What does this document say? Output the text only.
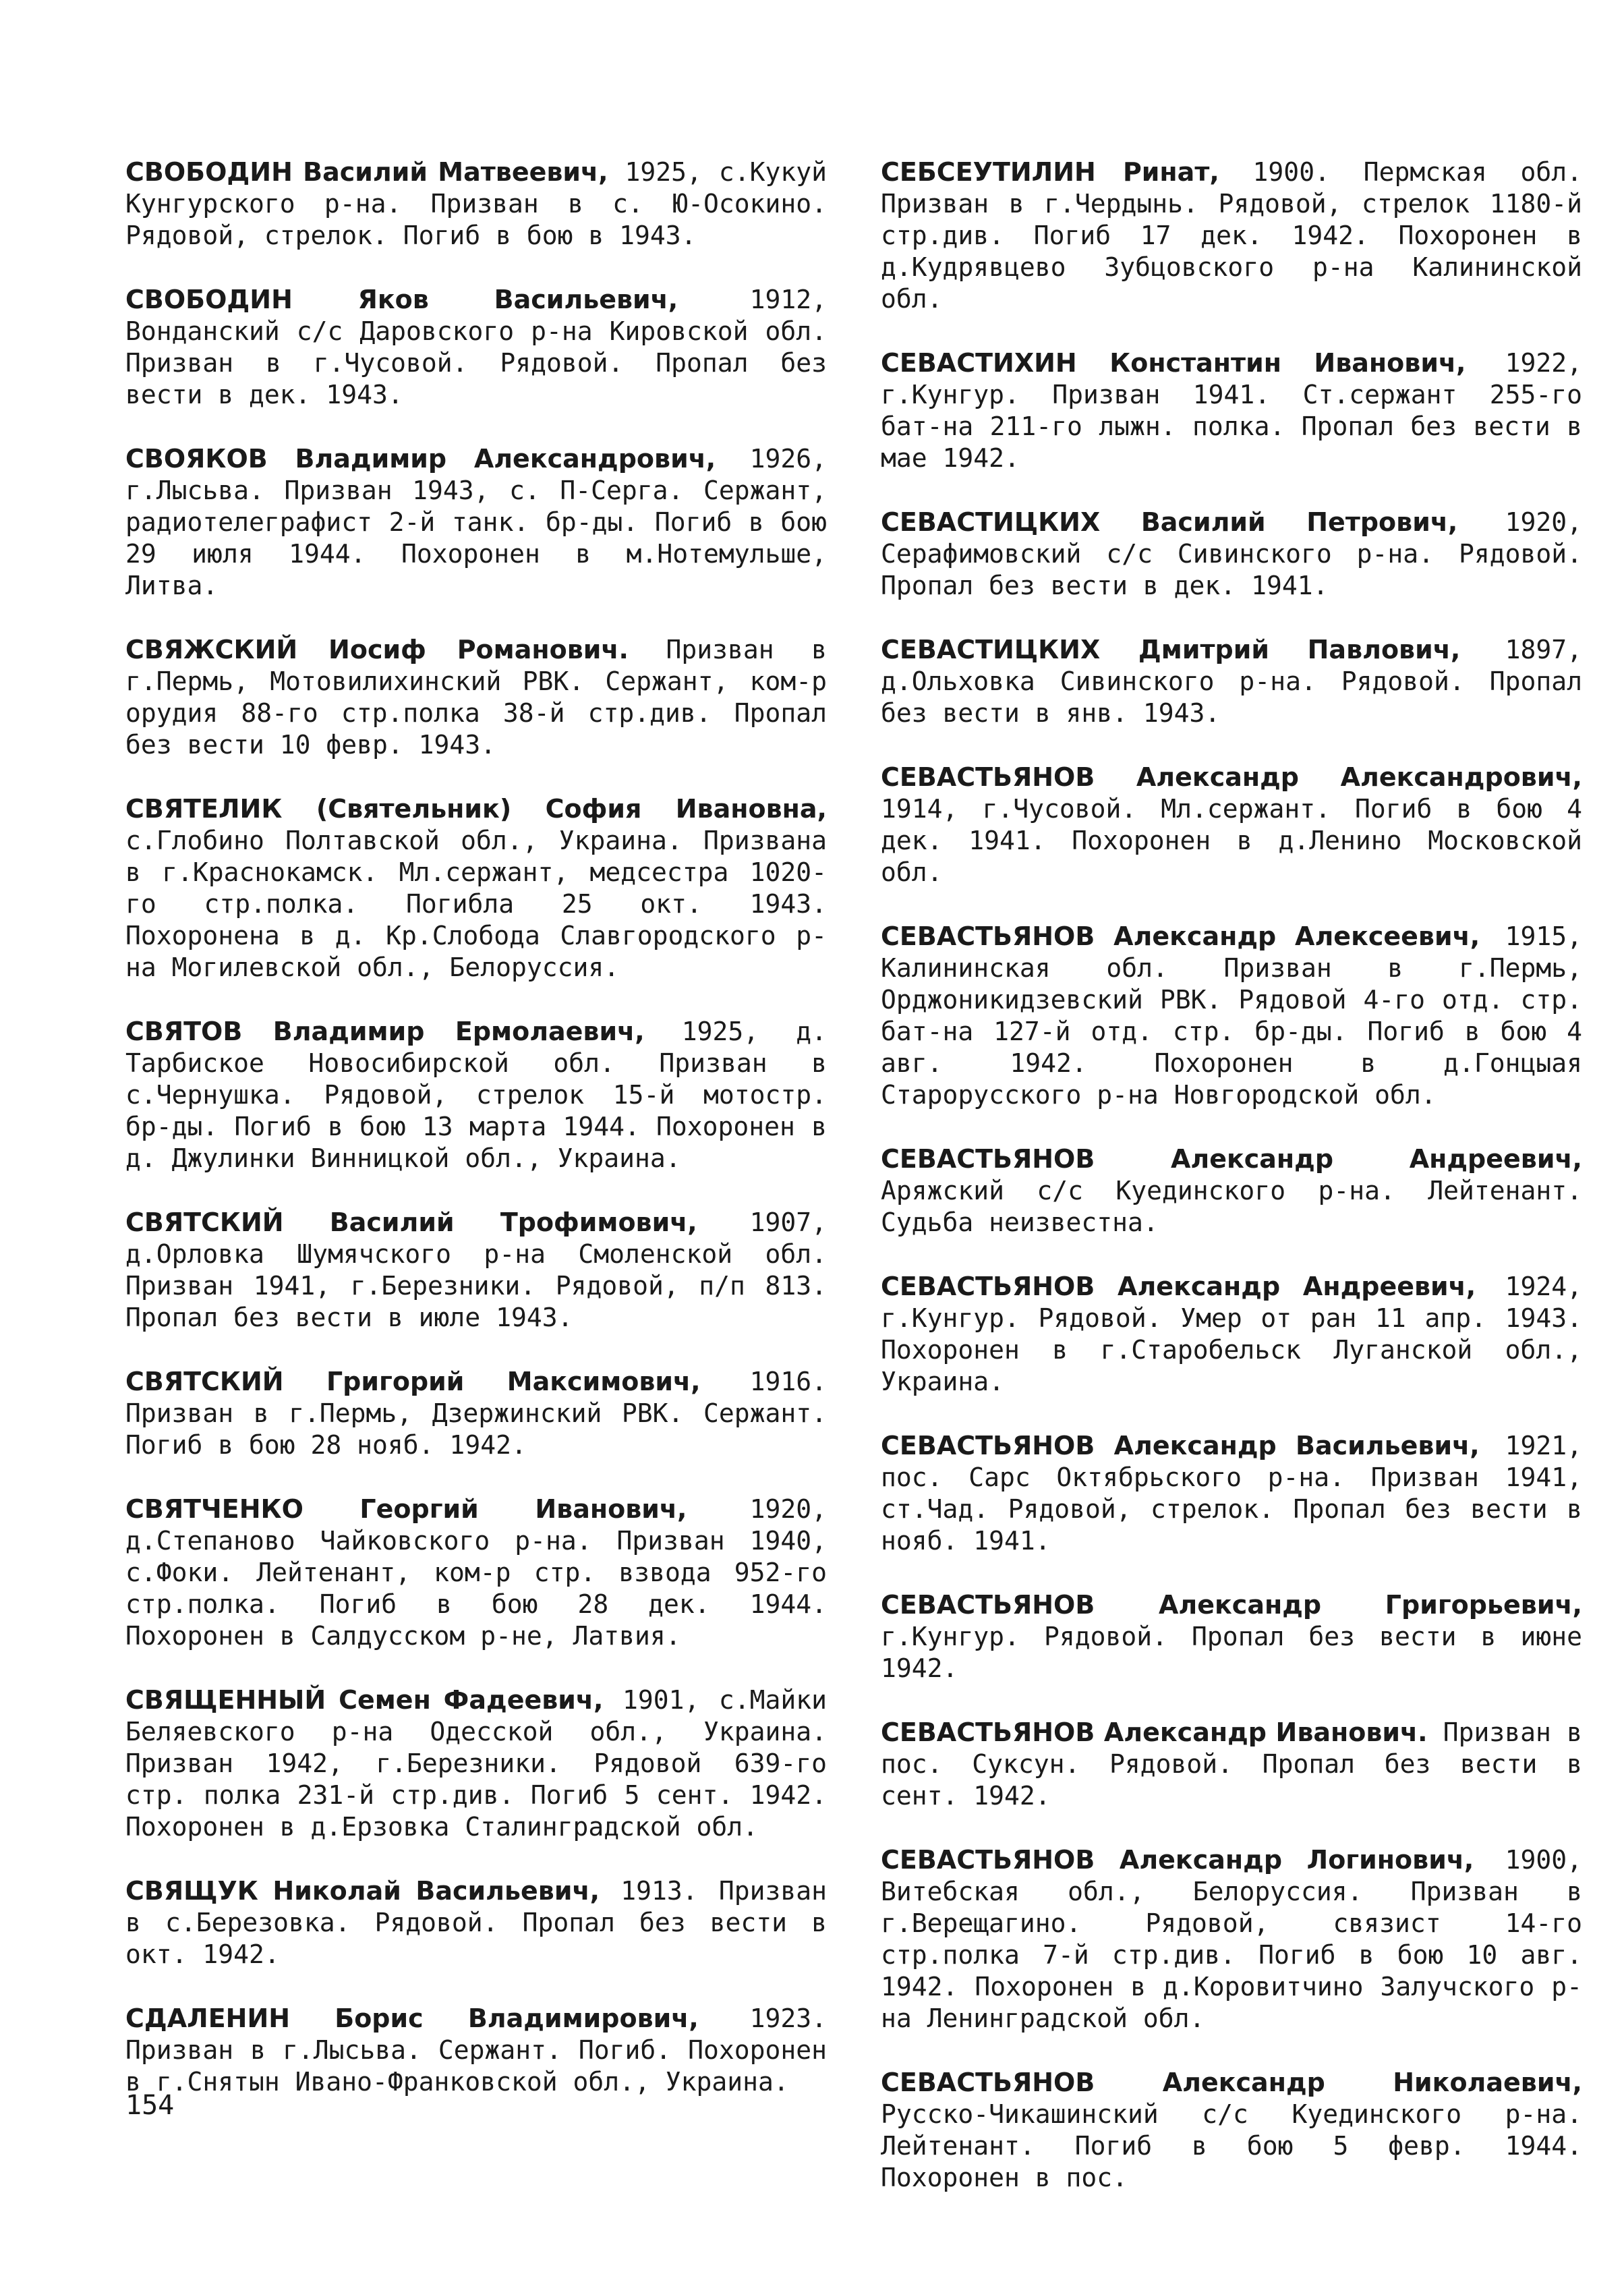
СВОБОДИН Василий Матвеевич, 1925, с.Кукуй Кунгурского р-на. Призван в с. Ю-Осокино. Рядовой, стрелок. Погиб в бою в 1943.

СВОБОДИН Яков Васильевич, 1912, Вонданский с/с Даровского р-на Кировской обл. Призван в г.Чусовой. Рядовой. Пропал без вести в дек. 1943.

СВОЯКОВ Владимир Александрович, 1926, г.Лысьва. Призван 1943, с. П-Серга. Сержант, радиотелеграфист 2-й танк. бр-ды. Погиб в бою 29 июля 1944. Похоронен в м.Нотемульше, Литва.

СВЯЖСКИЙ Иосиф Романович. Призван в г.Пермь, Мотовилихинский РВК. Сержант, ком-р орудия 88-го стр.полка 38-й стр.див. Пропал без вести 10 февр. 1943.

СВЯТЕЛИК (Святельник) София Ивановна, с.Глобино Полтавской обл., Украина. Призвана в г.Краснокамск. Мл.сержант, медсестра 1020-го стр.полка. Погибла 25 окт. 1943. Похоронена в д. Кр.Слобода Славгородского р-на Могилевской обл., Белоруссия.

СВЯТОВ Владимир Ермолаевич, 1925, д. Тарбиское Новосибирской обл. Призван в с.Чернушка. Рядовой, стрелок 15-й мотостр. бр-ды. Погиб в бою 13 марта 1944. Похоронен в д. Джулинки Винницкой обл., Украина.

СВЯТСКИЙ Василий Трофимович, 1907, д.Орловка Шумячского р-на Смоленской обл. Призван 1941, г.Березники. Рядовой, п/п 813. Пропал без вести в июле 1943.

СВЯТСКИЙ Григорий Максимович, 1916. Призван в г.Пермь, Дзержинский РВК. Сержант. Погиб в бою 28 нояб. 1942.

СВЯТЧЕНКО Георгий Иванович, 1920, д.Степаново Чайковского р-на. Призван 1940, с.Фоки. Лейтенант, ком-р стр. взвода 952-го стр.полка. Погиб в бою 28 дек. 1944. Похоронен в Салдусском р-не, Латвия.

СВЯЩЕННЫЙ Семен Фадеевич, 1901, с.Майки Беляевского р-на Одесской обл., Украина. Призван 1942, г.Березники. Рядовой 639-го стр. полка 231-й стр.див. Погиб 5 сент. 1942. Похоронен в д.Ерзовка Сталинградской обл.

СВЯЩУК Николай Васильевич, 1913. Призван в с.Березовка. Рядовой. Пропал без вести в окт. 1942.

СДАЛЕНИН Борис Владимирович, 1923. Призван в г.Лысьва. Сержант. Погиб. Похоронен в г.Снятын Ивано-Франковской обл., Украина.

СЕБСЕУТИЛИН Ринат, 1900. Пермская обл. Призван в г.Чердынь. Рядовой, стрелок 1180-й стр.див. Погиб 17 дек. 1942. Похоронен в д.Кудрявцево Зубцовского р-на Калининской обл.

СЕВАСТИХИН Константин Иванович, 1922, г.Кунгур. Призван 1941. Ст.сержант 255-го бат-на 211-го лыжн. полка. Пропал без вести в мае 1942.

СЕВАСТИЦКИХ Василий Петрович, 1920, Серафимовский с/с Сивинского р-на. Рядовой. Пропал без вести в дек. 1941.

СЕВАСТИЦКИХ Дмитрий Павлович, 1897, д.Ольховка Сивинского р-на. Рядовой. Пропал без вести в янв. 1943.

СЕВАСТЬЯНОВ Александр Александрович, 1914, г.Чусовой. Мл.сержант. Погиб в бою 4 дек. 1941. Похоронен в д.Ленино Московской обл.

СЕВАСТЬЯНОВ Александр Алексеевич, 1915, Калининская обл. Призван в г.Пермь, Орджоникидзевский РВК. Рядовой 4-го отд. стр. бат-на 127-й отд. стр. бр-ды. Погиб в бою 4 авг. 1942. Похоронен в д.Гонцыая Старорусского р-на Новгородской обл.

СЕВАСТЬЯНОВ Александр Андреевич, Аряжский с/с Куединского р-на. Лейтенант. Судьба неизвестна.

СЕВАСТЬЯНОВ Александр Андреевич, 1924, г.Кунгур. Рядовой. Умер от ран 11 апр. 1943. Похоронен в г.Старобельск Луганской обл., Украина.

СЕВАСТЬЯНОВ Александр Васильевич, 1921, пос. Сарс Октябрьского р-на. Призван 1941, ст.Чад. Рядовой, стрелок. Пропал без вести в нояб. 1941.

СЕВАСТЬЯНОВ Александр Григорьевич, г.Кунгур. Рядовой. Пропал без вести в июне 1942.

СЕВАСТЬЯНОВ Александр Иванович. Призван в пос. Суксун. Рядовой. Пропал без вести в сент. 1942.

СЕВАСТЬЯНОВ Александр Логинович, 1900, Витебская обл., Белоруссия. Призван в г.Верещагино. Рядовой, связист 14-го стр.полка 7-й стр.див. Погиб в бою 10 авг. 1942. Похоронен в д.Коровитчино Залучского р-на Ленинградской обл.

СЕВАСТЬЯНОВ Александр Николаевич, Русско-Чикашинский с/с Куединского р-на. Лейтенант. Погиб в бою 5 февр. 1944. Похоронен в пос.

154
